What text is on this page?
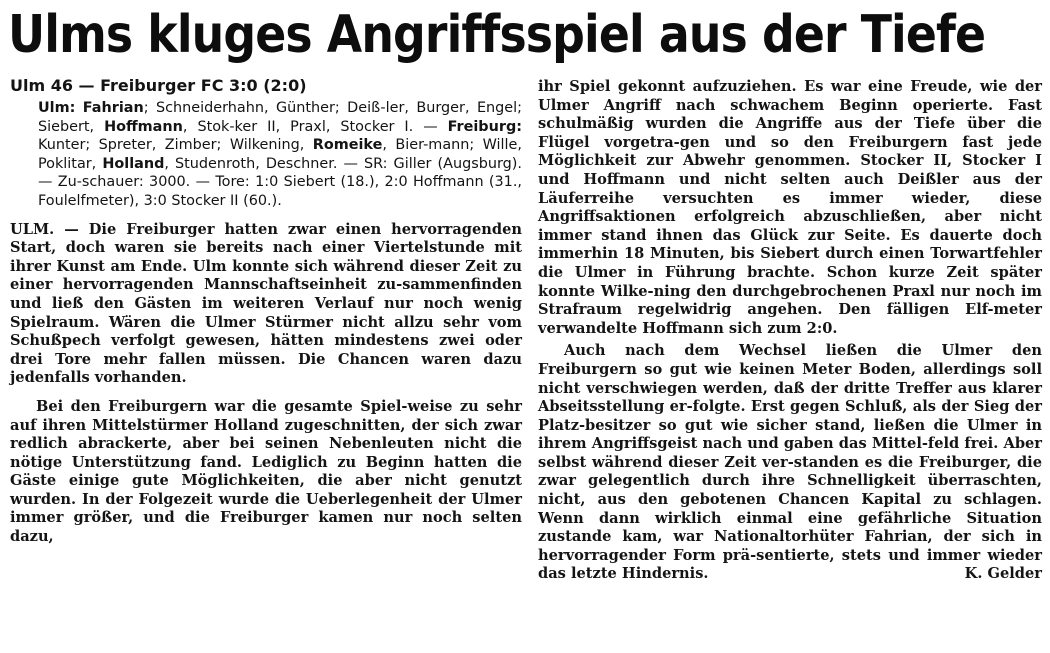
Ulms kluges Angriffsspiel aus der Tiefe
Ulm 46 — Freiburger FC 3:0 (2:0)

Ulm: Fahrian; Schneiderhahn, Günther; Deiß-ler, Burger, Engel; Siebert, Hoffmann, Stok-ker II, Praxl, Stocker I. — Freiburg: Kunter; Spreter, Zimber; Wilkening, Romeike, Bier-mann; Wille, Poklitar, Holland, Studenroth, Deschner. — SR: Giller (Augsburg). — Zu-schauer: 3000. — Tore: 1:0 Siebert (18.), 2:0 Hoffmann (31., Foulelfmeter), 3:0 Stocker II (60.).

ULM. — Die Freiburger hatten zwar einen hervorragenden Start, doch waren sie bereits nach einer Viertelstunde mit ihrer Kunst am Ende. Ulm konnte sich während dieser Zeit zu einer hervorragenden Mannschaftseinheit zu-sammenfinden und ließ den Gästen im weiteren Verlauf nur noch wenig Spielraum. Wären die Ulmer Stürmer nicht allzu sehr vom Schußpech verfolgt gewesen, hätten mindestens zwei oder drei Tore mehr fallen müssen. Die Chancen waren dazu jedenfalls vorhanden.

Bei den Freiburgern war die gesamte Spiel-weise zu sehr auf ihren Mittelstürmer Holland zugeschnitten, der sich zwar redlich abrackerte, aber bei seinen Nebenleuten nicht die nötige Unterstützung fand. Lediglich zu Beginn hatten die Gäste einige gute Möglichkeiten, die aber nicht genutzt wurden. In der Folgezeit wurde die Ueberlegenheit der Ulmer immer größer, und die Freiburger kamen nur noch selten dazu,

ihr Spiel gekonnt aufzuziehen. Es war eine Freude, wie der Ulmer Angriff nach schwachem Beginn operierte. Fast schulmäßig wurden die Angriffe aus der Tiefe über die Flügel vorgetra-gen und so den Freiburgern fast jede Möglichkeit zur Abwehr genommen. Stocker II, Stocker I und Hoffmann und nicht selten auch Deißler aus der Läuferreihe versuchten es immer wieder, diese Angriffsaktionen erfolgreich abzuschließen, aber nicht immer stand ihnen das Glück zur Seite. Es dauerte doch immerhin 18 Minuten, bis Siebert durch einen Torwartfehler die Ulmer in Führung brachte. Schon kurze Zeit später konnte Wilke-ning den durchgebrochenen Praxl nur noch im Strafraum regelwidrig angehen. Den fälligen Elf-meter verwandelte Hoffmann sich zum 2:0.

Auch nach dem Wechsel ließen die Ulmer den Freiburgern so gut wie keinen Meter Boden, allerdings soll nicht verschwiegen werden, daß der dritte Treffer aus klarer Abseitsstellung er-folgte. Erst gegen Schluß, als der Sieg der Platz-besitzer so gut wie sicher stand, ließen die Ulmer in ihrem Angriffsgeist nach und gaben das Mittel-feld frei. Aber selbst während dieser Zeit ver-standen es die Freiburger, die zwar gelegentlich durch ihre Schnelligkeit überraschten, nicht, aus den gebotenen Chancen Kapital zu schlagen. Wenn dann wirklich einmal eine gefährliche Situation zustande kam, war Nationaltorhüter Fahrian, der sich in hervorragender Form prä-sentierte, stets und immer wieder das letzte Hindernis.	K. Gelder
